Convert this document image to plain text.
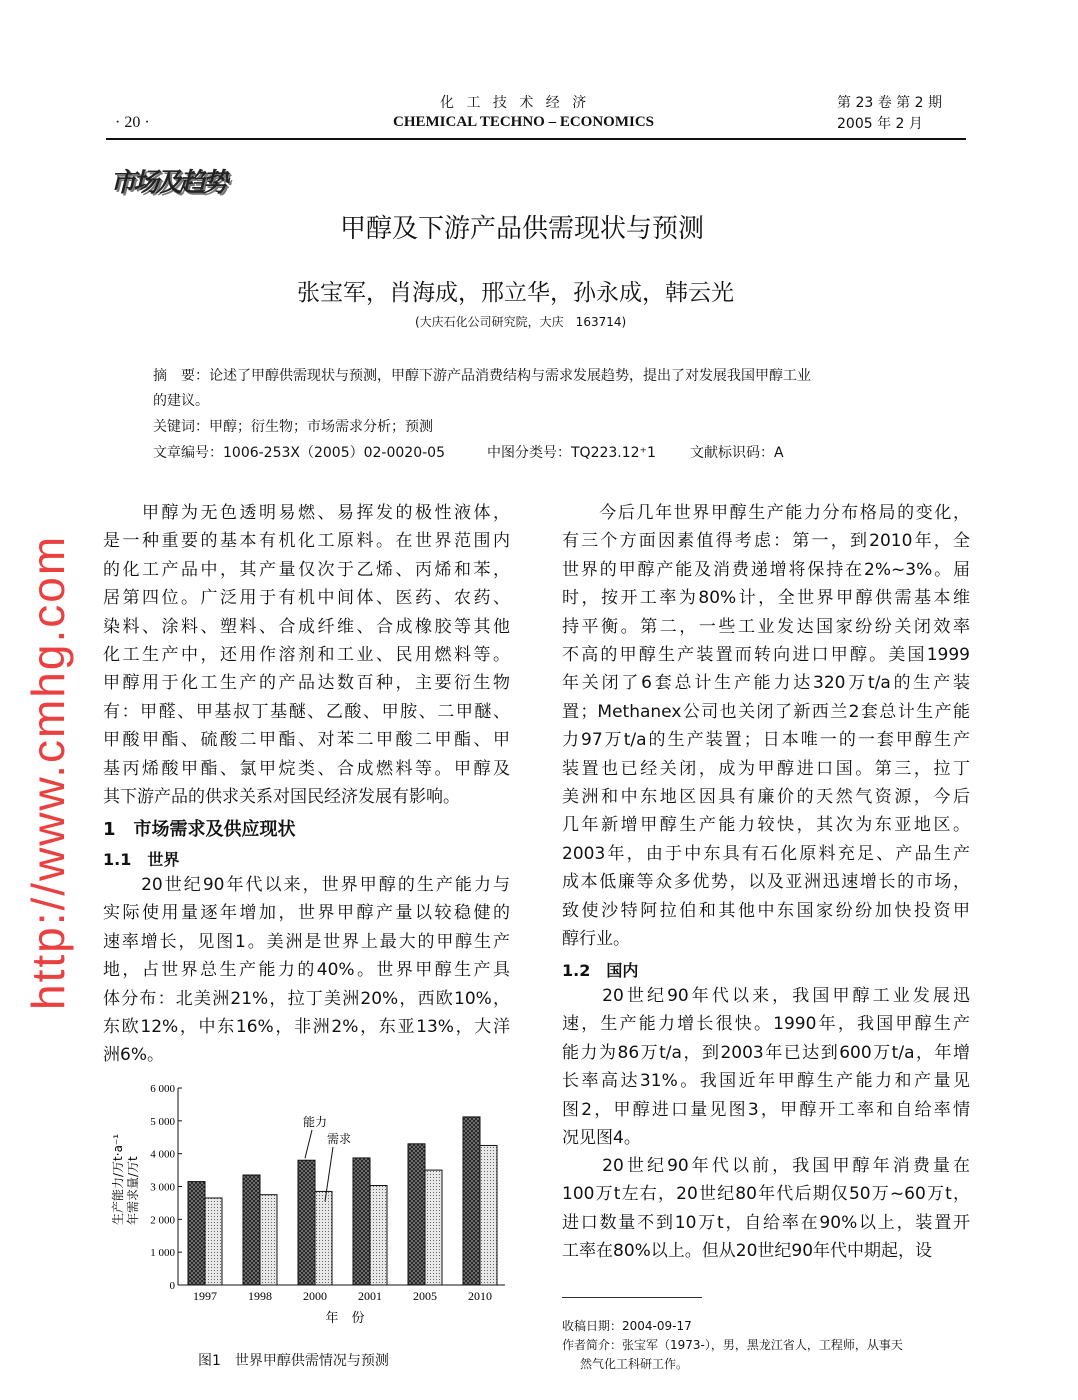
· 20 ·
化 工 技 术 经 济
CHEMICAL TECHNO – ECONOMICS
第 23 卷 第 2 期
2005 年 2 月
市场及趋势
甲醇及下游产品供需现状与预测
张宝军，肖海成，邢立华，孙永成，韩云光
(大庆石化公司研究院，大庆　163714)
摘　要：论述了甲醇供需现状与预测，甲醇下游产品消费结构与需求发展趋势，提出了对发展我国甲醇工业
的建议。
关键词：甲醇；衍生物；市场需求分析；预测
文章编号：1006-253X（2005）02-0020-05	中图分类号：TQ223.12⁺1 文献标识码：A
1　市场需求及供应现状
1.1　世界
1.2　国内
0
1 000
2 000
3 000
4 000
5 000
6 000
1997	1998	2000	2001	2005	2010
能力
需求
年　份
生产能力/万t·a⁻¹ 年需求量/万t
图1　世界甲醇供需情况与预测
收稿日期：2004-09-17
作者简介：张宝军（1973-），男，黑龙江省人，工程师，从事天
然气化工科研工作。
http://www.cmhg.com
　　甲醇为无色透明易燃、易挥发的极性液体，
是一种重要的基本有机化工原料。在世界范围内
的化工产品中，其产量仅次于乙烯、丙烯和苯，
居第四位。广泛用于有机中间体、医药、农药、
染料、涂料、塑料、合成纤维、合成橡胶等其他
化工生产中，还用作溶剂和工业、民用燃料等。
甲醇用于化工生产的产品达数百种，主要衍生物
有：甲醛、甲基叔丁基醚、乙酸、甲胺、二甲醚、
甲酸甲酯、硫酸二甲酯、对苯二甲酸二甲酯、甲
基丙烯酸甲酯、氯甲烷类、合成燃料等。甲醇及
其下游产品的供求关系对国民经济发展有影响。
　　20世纪90年代以来，世界甲醇的生产能力与
实际使用量逐年增加，世界甲醇产量以较稳健的
速率增长，见图1。美洲是世界上最大的甲醇生产
地，占世界总生产能力的40%。世界甲醇生产具
体分布：北美洲21%，拉丁美洲20%，西欧10%，
东欧12%，中东16%，非洲2%，东亚13%，大洋
洲6%。
　　今后几年世界甲醇生产能力分布格局的变化，
有三个方面因素值得考虑：第一，到2010年，全
世界的甲醇产能及消费递增将保持在2%~3%。届
时，按开工率为80%计，全世界甲醇供需基本维
持平衡。第二，一些工业发达国家纷纷关闭效率
不高的甲醇生产装置而转向进口甲醇。美国1999
年关闭了6套总计生产能力达320万t/a的生产装
置；Methanex公司也关闭了新西兰2套总计生产能
力97万t/a的生产装置；日本唯一的一套甲醇生产
装置也已经关闭，成为甲醇进口国。第三，拉丁
美洲和中东地区因具有廉价的天然气资源，今后
几年新增甲醇生产能力较快，其次为东亚地区。
2003年，由于中东具有石化原料充足、产品生产
成本低廉等众多优势，以及亚洲迅速增长的市场，
致使沙特阿拉伯和其他中东国家纷纷加快投资甲
醇行业。
　　20世纪90年代以来，我国甲醇工业发展迅
速，生产能力增长很快。1990年，我国甲醇生产
能力为86万t/a，到2003年已达到600万t/a，年增
长率高达31%。我国近年甲醇生产能力和产量见
图2，甲醇进口量见图3，甲醇开工率和自给率情
况见图4。
　　20世纪90年代以前，我国甲醇年消费量在
100万t左右，20世纪80年代后期仅50万~60万t，
进口数量不到10万t，自给率在90%以上，装置开
工率在80%以上。但从20世纪90年代中期起，设
